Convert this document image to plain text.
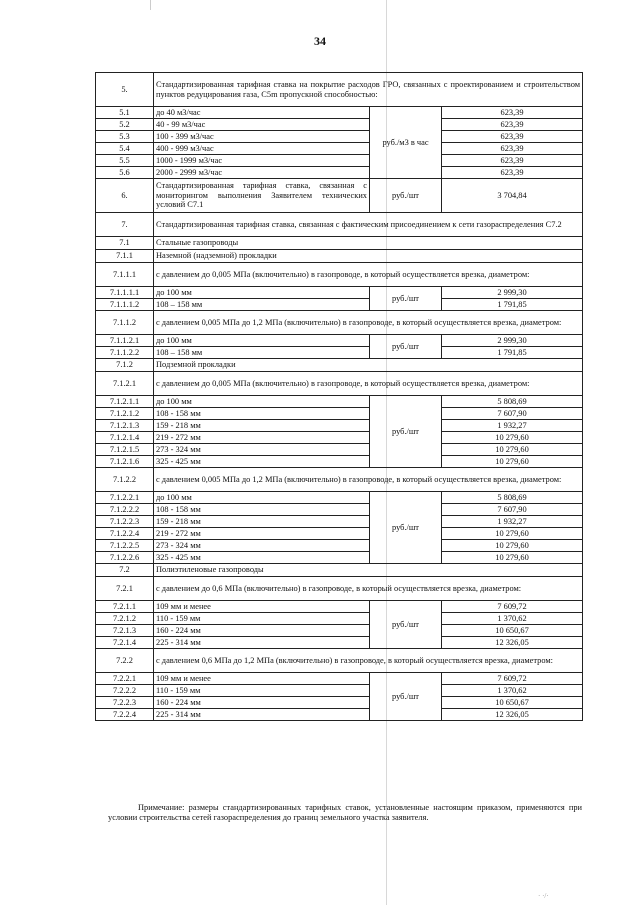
34
5.	Стандартизированная тарифная ставка на покрытие расходов ГРО, связанных с проектированием и строительством пунктов редуцирования газа, С5m пропускной способностью:		
5.1	до 40 м3/час	руб./м3 в час	623,39
5.2	40 - 99 м3/час		623,39
5.3	100 - 399 м3/час		623,39
5.4	400 - 999 м3/час		623,39
5.5	1000 - 1999 м3/час		623,39
5.6	2000 - 2999 м3/час		623,39
6.	Стандартизированная тарифная ставка, связанная с мониторингом выполнения Заявителем технических условий С7.1	руб./шт	3 704,84
7.	Стандартизированная тарифная ставка, связанная с фактическим присоединением к сети газораспределения С7.2		
7.1	Стальные газопроводы		
7.1.1	Наземной (надземной) прокладки		
7.1.1.1	с давлением до 0,005 МПа (включительно) в газопроводе, в который осуществляется врезка, диаметром:		
7.1.1.1.1	до 100 мм	руб./шт	2 999,30
7.1.1.1.2	108 – 158 мм		1 791,85
7.1.1.2	с давлением 0,005 МПа до 1,2 МПа (включительно) в газопроводе, в который осуществляется врезка, диаметром:		
7.1.1.2.1	до 100 мм	руб./шт	2 999,30
7.1.1.2.2	108 – 158 мм		1 791,85
7.1.2	Подземной прокладки		
7.1.2.1	с давлением до 0,005 МПа (включительно) в газопроводе, в который осуществляется врезка, диаметром:		
7.1.2.1.1	до 100 мм	руб./шт	5 808,69
7.1.2.1.2	108 - 158 мм		7 607,90
7.1.2.1.3	159 - 218 мм		1 932,27
7.1.2.1.4	219 - 272 мм		10 279,60
7.1.2.1.5	273 - 324 мм		10 279,60
7.1.2.1.6	325 - 425 мм		10 279,60
7.1.2.2	с давлением 0,005 МПа до 1,2 МПа (включительно) в газопроводе, в который осуществляется врезка, диаметром:		
7.1.2.2.1	до 100 мм	руб./шт	5 808,69
7.1.2.2.2	108 - 158 мм		7 607,90
7.1.2.2.3	159 - 218 мм		1 932,27
7.1.2.2.4	219 - 272 мм		10 279,60
7.1.2.2.5	273 - 324 мм		10 279,60
7.1.2.2.6	325 - 425 мм		10 279,60
7.2	Полиэтиленовые газопроводы		
7.2.1	с давлением до 0,6 МПа (включительно) в газопроводе, в который осуществляется врезка, диаметром:		
7.2.1.1	109 мм и менее	руб./шт	7 609,72
7.2.1.2	110 - 159 мм		1 370,62
7.2.1.3	160 - 224 мм		10 650,67
7.2.1.4	225 - 314 мм		12 326,05
7.2.2	с давлением 0,6 МПа до 1,2 МПа (включительно) в газопроводе, в который осуществляется врезка, диаметром:		
7.2.2.1	109 мм и менее	руб./шт	7 609,72
7.2.2.2	110 - 159 мм		1 370,62
7.2.2.3	160 - 224 мм		10 650,67
7.2.2.4	225 - 314 мм		12 326,05
Примечание: размеры стандартизированных тарифных ставок, установленные настоящим приказом, применяются при условии строительства сетей газораспределения до границ земельного участка заявителя.
· ·/·
